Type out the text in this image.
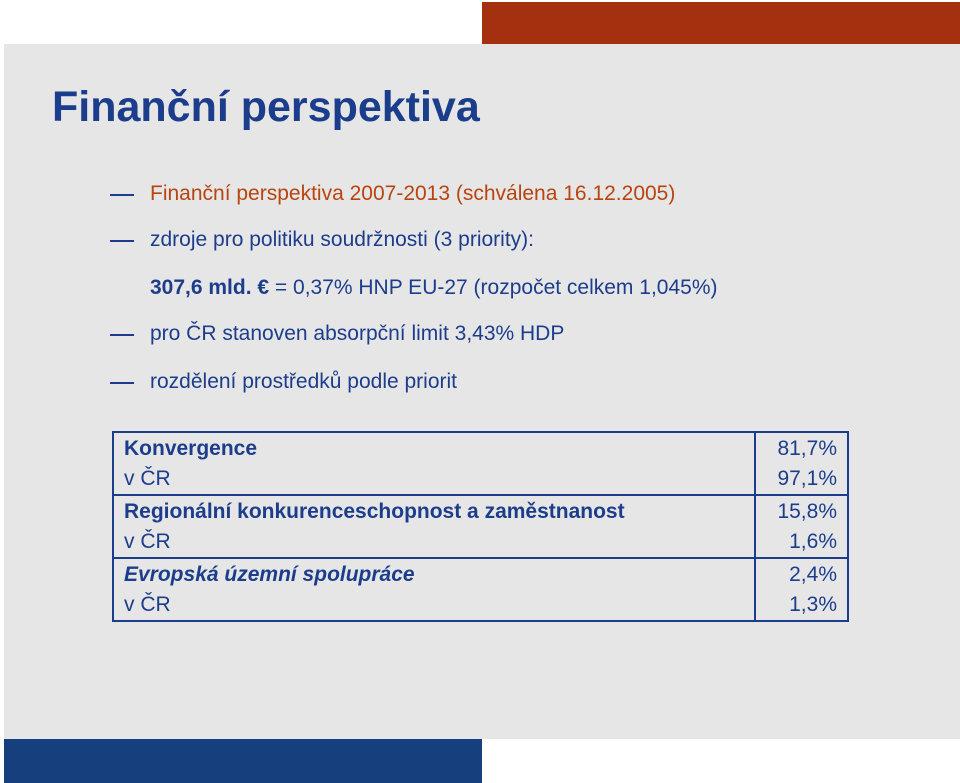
Finanční perspektiva
Finanční perspektiva 2007-2013 (schválena 16.12.2005)
zdroje pro politiku soudržnosti (3 priority):
307,6 mld. € = 0,37% HNP EU-27 (rozpočet celkem 1,045%)
pro ČR stanoven absorpční limit 3,43% HDP
rozdělení prostředků podle priorit
Konvergence	81,7%
v ČR	97,1%
Regionální konkurenceschopnost a zaměstnanost	15,8%
v ČR	1,6%
Evropská územní spolupráce	2,4%
v ČR	1,3%
